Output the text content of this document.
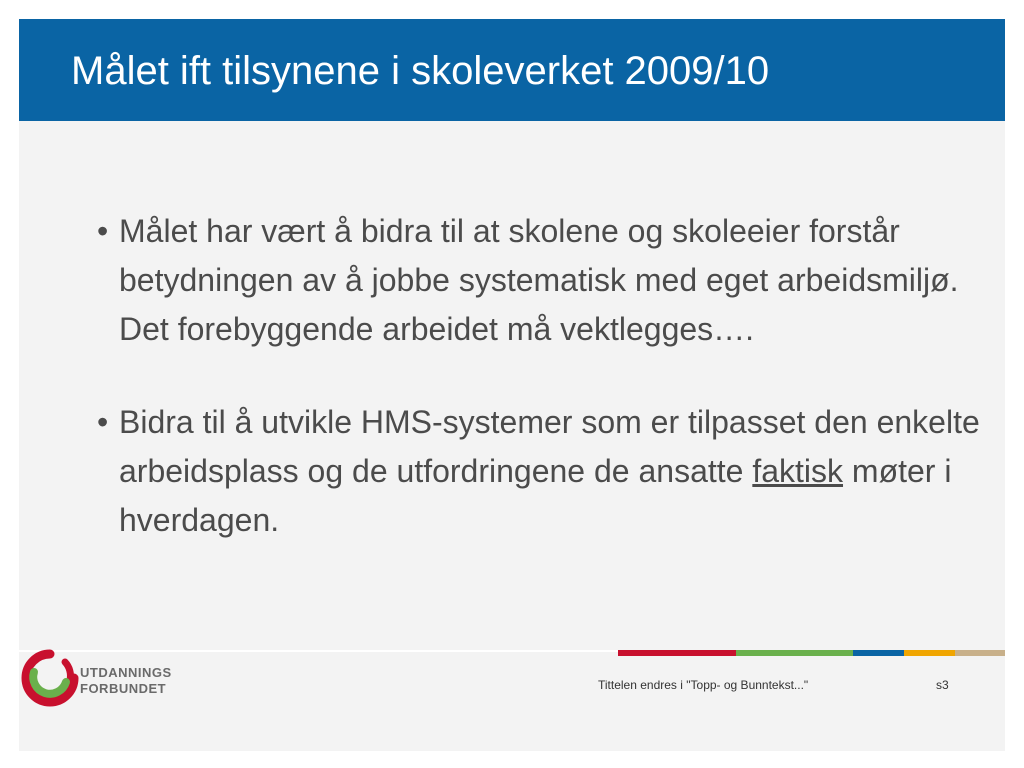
Målet ift tilsynene i skoleverket 2009/10
• Målet har vært å bidra til at skolene og skoleeier forstår betydningen av å jobbe systematisk med eget arbeidsmiljø. Det forebyggende arbeidet må vektlegges….
• Bidra til å utvikle HMS-systemer som er tilpasset den enkelte arbeidsplass og de utfordringene de ansatte faktisk møter i hverdagen.
UTDANNINGS
FORBUNDET	Tittelen endres i "Topp- og Bunntekst..."	s3
